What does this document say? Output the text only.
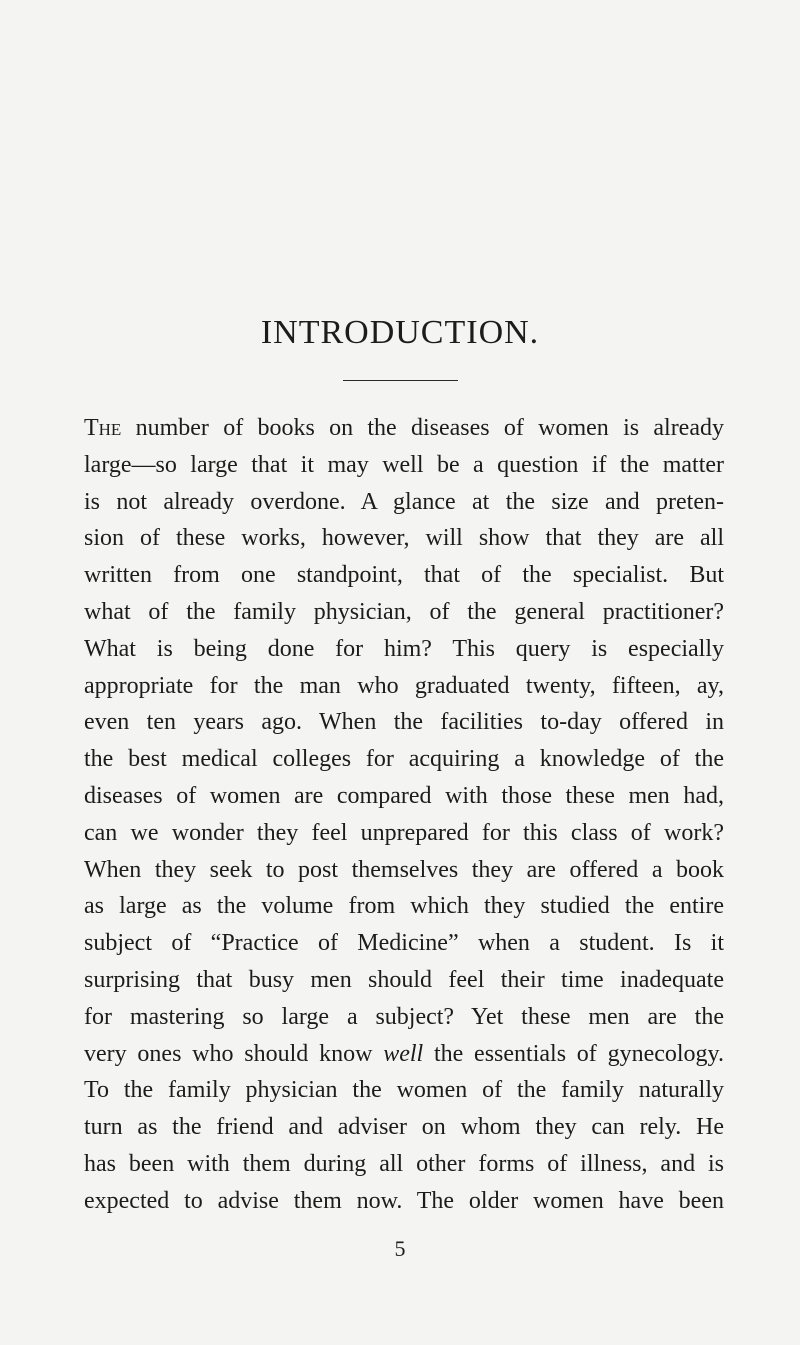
INTRODUCTION.
The number of books on the diseases of women is already
large—so large that it may well be a question if the matter
is not already overdone. A glance at the size and preten-
sion of these works, however, will show that they are all
written from one standpoint, that of the specialist. But
what of the family physician, of the general practitioner?
What is being done for him? This query is especially
appropriate for the man who graduated twenty, fifteen, ay,
even ten years ago. When the facilities to-day offered in
the best medical colleges for acquiring a knowledge of the
diseases of women are compared with those these men had,
can we wonder they feel unprepared for this class of work?
When they seek to post themselves they are offered a book
as large as the volume from which they studied the entire
subject of “Practice of Medicine” when a student. Is it
surprising that busy men should feel their time inadequate
for mastering so large a subject? Yet these men are the
very ones who should know well the essentials of gynecology.
To the family physician the women of the family naturally
turn as the friend and adviser on whom they can rely. He
has been with them during all other forms of illness, and is
expected to advise them now. The older women have been
5
